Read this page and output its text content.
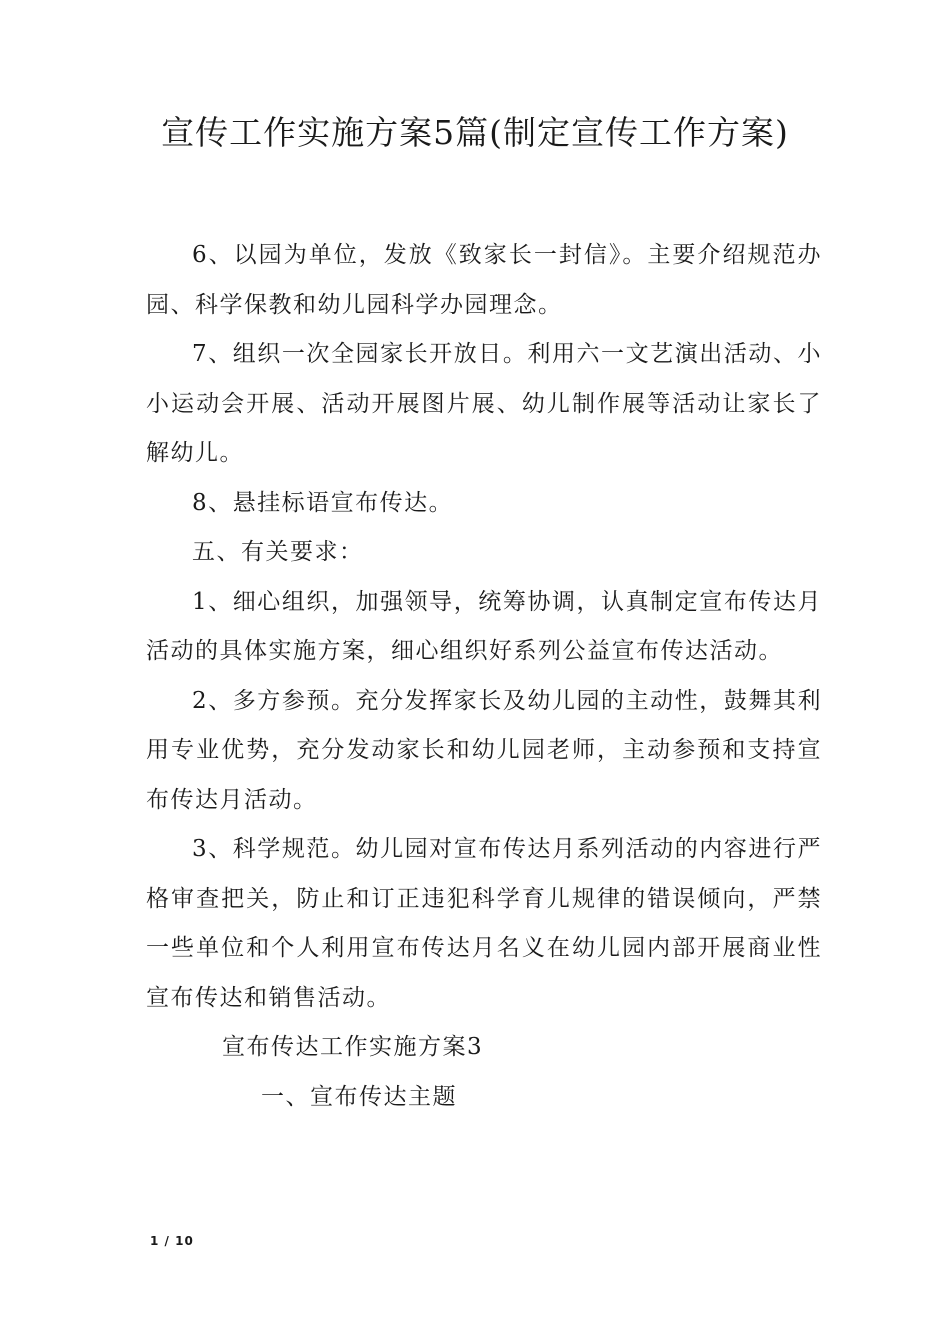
宣传工作实施方案5篇(制定宣传工作方案)

6、以园为单位，发放《致家长一封信》。主要介绍规范办园、科学保教和幼儿园科学办园理念。

7、组织一次全园家长开放日。利用六一文艺演出活动、小小运动会开展、活动开展图片展、幼儿制作展等活动让家长了解幼儿。

8、悬挂标语宣布传达。

五、有关要求：

1、细心组织，加强领导，统筹协调，认真制定宣布传达月活动的具体实施方案，细心组织好系列公益宣布传达活动。

2、多方参预。充分发挥家长及幼儿园的主动性，鼓舞其利用专业优势，充分发动家长和幼儿园老师，主动参预和支持宣布传达月活动。

3、科学规范。幼儿园对宣布传达月系列活动的内容进行严格审查把关，防止和订正违犯科学育儿规律的错误倾向，严禁一些单位和个人利用宣布传达月名义在幼儿园内部开展商业性宣布传达和销售活动。

宣布传达工作实施方案3

一、宣布传达主题

1 / 10
